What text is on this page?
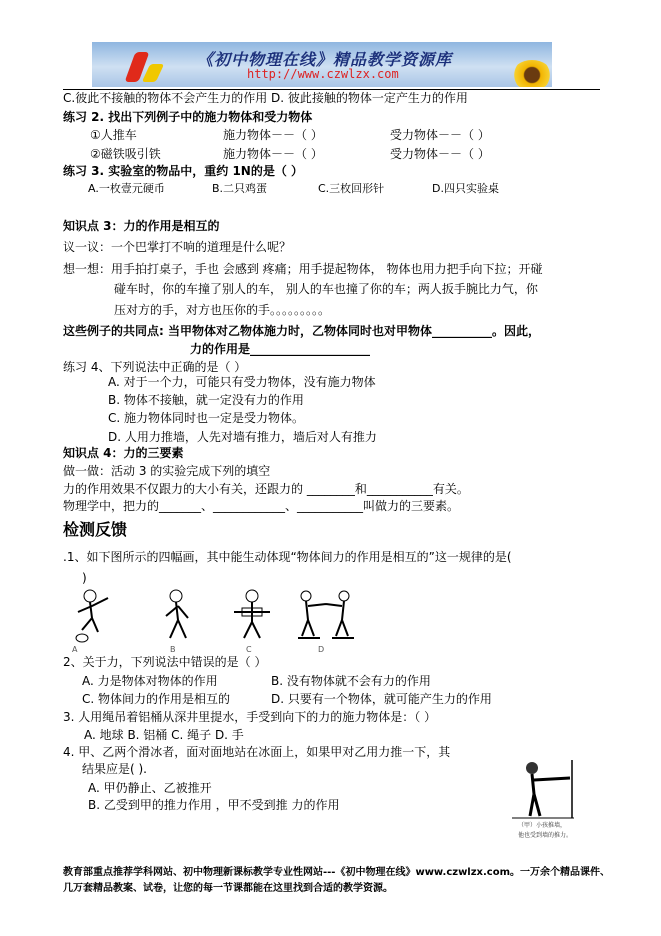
《初中物理在线》精品教学资源库
http://www.czwlzx.com
C.彼此不接触的物体不会产生力的作用 D. 彼此接触的物体一定产生力的作用
练习 2. 找出下列例子中的施力物体和受力物体
①人推车	施力物体－－（ ）	受力物体－－（ ）
②磁铁吸引铁	施力物体－－（ ）	受力物体－－（ ）
练习 3. 实验室的物品中，重约 1N的是（ ）
A.一枚壹元硬币	B.二只鸡蛋	C.三枚回形针	D.四只实验桌
知识点 3：力的作用是相互的
议一议：一个巴掌打不响的道理是什么呢？
想一想：用手拍打桌子，手也 会感到 疼痛；用手提起物体， 物体也用力把手向下拉；开碰
碰车时，你的车撞了别人的车， 别人的车也撞了你的车；两人扳手腕比力气，你
压对方的手，对方也压你的手。。。。。。。。。
这些例子的共同点: 当甲物体对乙物体施力时，乙物体同时也对甲物体__________。因此，
力的作用是____________________
练习 4、下列说法中正确的是（ ）
A. 对于一个力，可能只有受力物体，没有施力物体
B. 物体不接触，就一定没有力的作用
C. 施力物体同时也一定是受力物体。
D. 人用力推墙，人先对墙有推力，墙后对人有推力
知识点 4：力的三要素
做一做：活动 3 的实验完成下列的填空
力的作用效果不仅跟力的大小有关，还跟力的 ________和___________有关。
物理学中，把力的_______、____________、___________叫做力的三要素。
检测反馈
.1、如下图所示的四幅画，其中能生动体现“物体间力的作用是相互的”这一规律的是(
)
A	B	C	D
2、关于力，下列说法中错误的是（ ）
A. 力是物体对物体的作用	B. 没有物体就不会有力的作用
C. 物体间力的作用是相互的	D. 只要有一个物体，就可能产生力的作用
3. 人用绳吊着铝桶从深井里提水，手受到向下的力的施力物体是：（ ）
A. 地球 B. 铝桶 C. 绳子 D. 手
4. 甲、乙两个滑冰者，面对面地站在冰面上，如果甲对乙用力推一下，其
结果应是( ).
A. 甲仍静止、乙被推开
B. 乙受到甲的推力作用 ，甲不受到推 力的作用
（甲）小孩推墙，
他也受到墙的推力。
教育部重点推荐学科网站、初中物理新课标教学专业性网站---《初中物理在线》www.czwlzx.com。一万余个精品课件、
几万套精品教案、试卷，让您的每一节课都能在这里找到合适的教学资源。
